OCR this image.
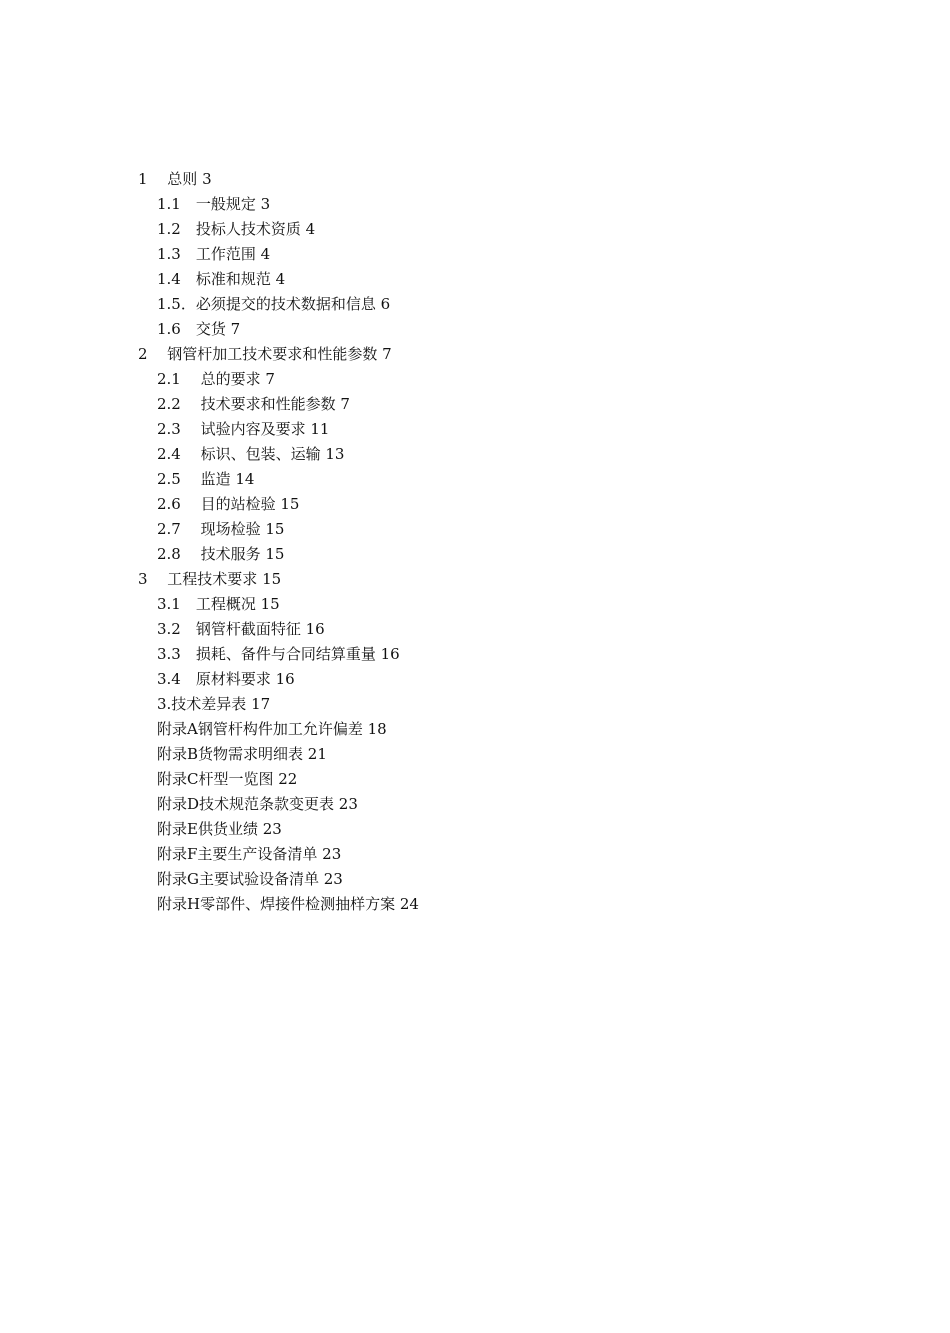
1　 总则 3
1.1　一般规定 3
1.2　投标人技术资质 4
1.3　工作范围 4
1.4　标准和规范 4
1.5．必须提交的技术数据和信息 6
1.6　交货 7
2　 钢管杆加工技术要求和性能参数 7
2.1　 总的要求 7
2.2　 技术要求和性能参数 7
2.3　 试验内容及要求 11
2.4　 标识、包装、运输 13
2.5　 监造 14
2.6　 目的站检验 15
2.7　 现场检验 15
2.8　 技术服务 15
3　 工程技术要求 15
3.1　工程概况 15
3.2　钢管杆截面特征 16
3.3　损耗、备件与合同结算重量 16
3.4　原材料要求 16
3.技术差异表 17
附录A钢管杆构件加工允许偏差 18
附录B货物需求明细表 21
附录C杆型一览图 22
附录D技术规范条款变更表 23
附录E供货业绩 23
附录F主要生产设备清单 23
附录G主要试验设备清单 23
附录H零部件、焊接件检测抽样方案 24
